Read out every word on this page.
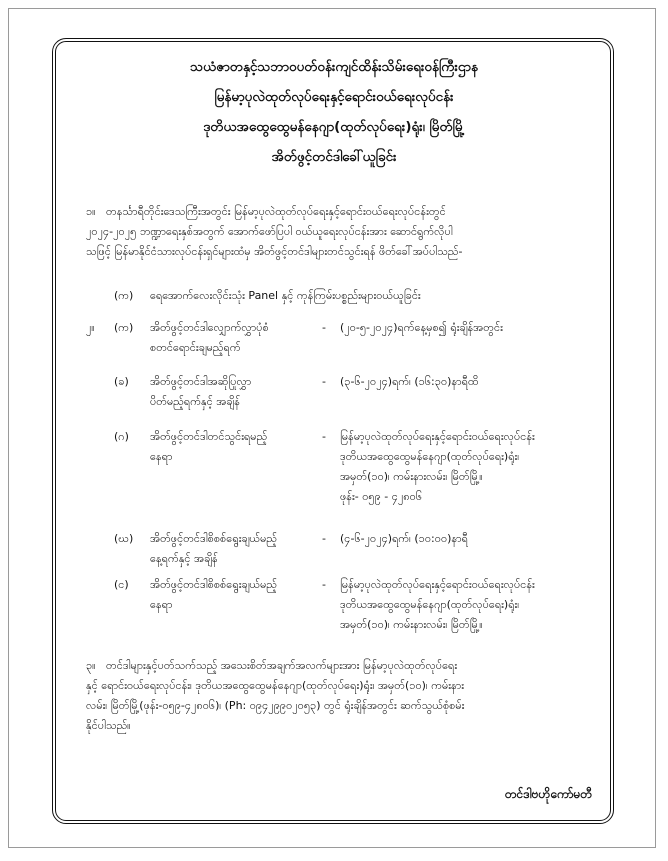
သယံဇာတနှင့်သဘာဝပတ်ဝန်းကျင်ထိန်းသိမ်းရေးဝန်ကြီးဌာန
မြန်မာ့ပုလဲထုတ်လုပ်ရေးနှင့်ရောင်းဝယ်ရေးလုပ်ငန်း
ဒုတိယအထွေထွေမန်နေဂျာ(ထုတ်လုပ်ရေး)ရုံး၊ မြိတ်မြို့
အိတ်ဖွင့်တင်ဒါခေါ်ယူခြင်း
၁။ တနင်္သာရီတိုင်းဒေသကြီးအတွင်း မြန်မာ့ပုလဲထုတ်လုပ်ရေးနှင့်ရောင်းဝယ်ရေးလုပ်ငန်းတွင်
၂၀၂၄-၂၀၂၅ ဘဏ္ဍာရေးနှစ်အတွက် အောက်ဖော်ပြပါ ဝယ်ယူရေးလုပ်ငန်းအား ဆောင်ရွက်လိုပါ
သဖြင့် မြန်မာနိုင်ငံသားလုပ်ငန်းရှင်များထံမှ အိတ်ဖွင့်တင်ဒါများတင်သွင်းရန် ဖိတ်ခေါ်အပ်ပါသည်-
(က) ရေအောက်လေးလိုင်းသုံး Panel နှင့် ကုန်ကြမ်းပစ္စည်းများဝယ်ယူခြင်း
၂။	(က)	အိတ်ဖွင့်တင်ဒါလျှောက်လွှာပုံစံ
စတင်ရောင်းချမည့်ရက်
-	(၂၀-၅-၂၀၂၄)ရက်နေ့မှစ၍ ရုံးချိန်အတွင်း
(ခ)	အိတ်ဖွင့်တင်ဒါအဆိုပြုလွှာ
ပိတ်မည့်ရက်နှင့် အချိန်
-	(၃-၆-၂၀၂၄)ရက်၊ (၁၆:၃၀)နာရီထိ
(ဂ)	အိတ်ဖွင့်တင်ဒါတင်သွင်းရမည့်
နေရာ
-	မြန်မာ့ပုလဲထုတ်လုပ်ရေးနှင့်ရောင်းဝယ်ရေးလုပ်ငန်း
ဒုတိယအထွေထွေမန်နေဂျာ(ထုတ်လုပ်ရေး)ရုံး၊
အမှတ်(၁၀)၊ ကမ်းနားလမ်း၊ မြိတ်မြို့။
ဖုန်း- ၀၅၉ - ၄၂၈၀၆
(ဃ)	အိတ်ဖွင့်တင်ဒါစိစစ်ရွေးချယ်မည့်
နေ့ရက်နှင့် အချိန်
-	(၄-၆-၂၀၂၄)ရက်၊ (၁၀:၀၀)နာရီ
(င)	အိတ်ဖွင့်တင်ဒါစိစစ်ရွေးချယ်မည့်
နေရာ
-	မြန်မာ့ပုလဲထုတ်လုပ်ရေးနှင့်ရောင်းဝယ်ရေးလုပ်ငန်း
ဒုတိယအထွေထွေမန်နေဂျာ(ထုတ်လုပ်ရေး)ရုံး၊
အမှတ်(၁၀)၊ ကမ်းနားလမ်း၊ မြိတ်မြို့။
၃။ တင်ဒါများနှင့်ပတ်သက်သည့် အသေးစိတ်အချက်အလက်များအား မြန်မာ့ပုလဲထုတ်လုပ်ရေး
နှင့် ရောင်းဝယ်ရေးလုပ်ငန်း၊ ဒုတိယအထွေထွေမန်နေဂျာ(ထုတ်လုပ်ရေး)ရုံး၊ အမှတ်(၁၀)၊ ကမ်းနား
လမ်း၊ မြိတ်မြို့(ဖုန်း-၀၅၉-၄၂၈၀၆)၊ (Ph: ၀၉၄၂၉၉၀၂၀၅၃) တွင် ရုံးချိန်အတွင်း ဆက်သွယ်စုံစမ်း
နိုင်ပါသည်။
တင်ဒါဗဟိုကော်မတီ
